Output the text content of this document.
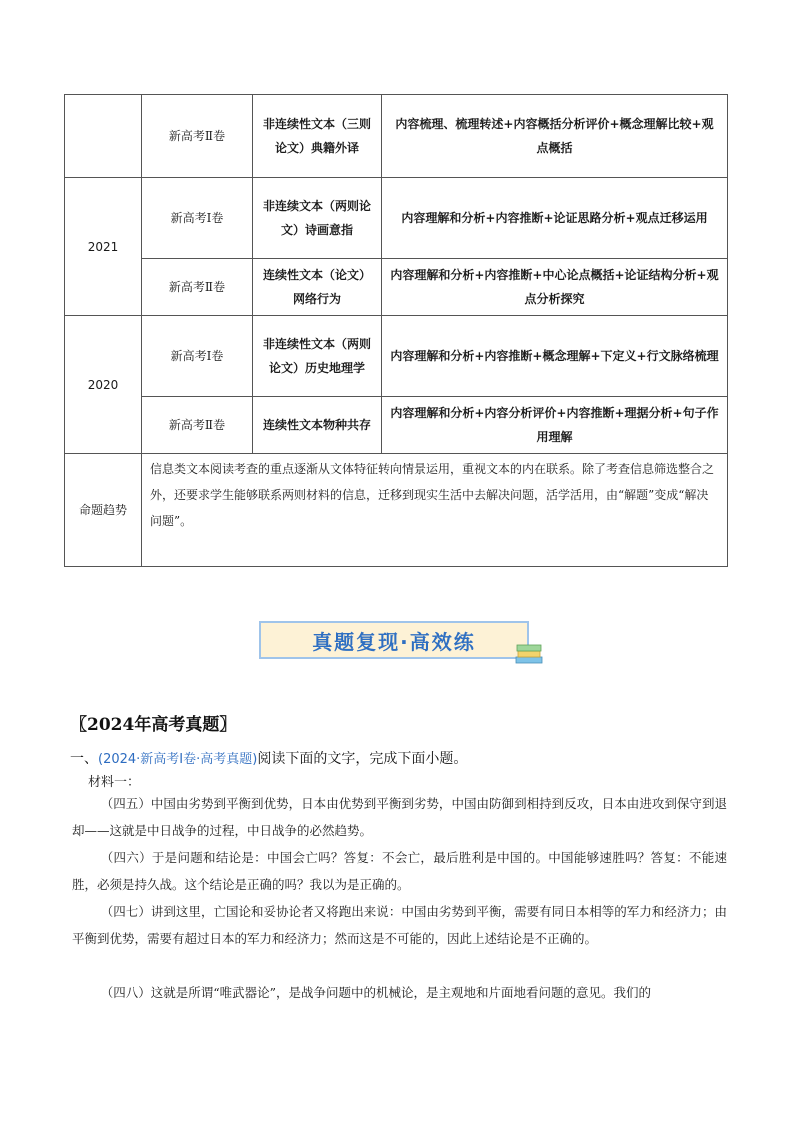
	新高考Ⅱ卷	非连续性文本（三则论文）典籍外译	内容梳理、梳理转述+内容概括分析评价+概念理解比较+观点概括
2021	新高考Ⅰ卷	非连续文本（两则论文）诗画意指	内容理解和分析+内容推断+论证思路分析+观点迁移运用
	新高考Ⅱ卷	连续性文本（论文）网络行为	内容理解和分析+内容推断+中心论点概括+论证结构分析+观点分析探究
2020	新高考Ⅰ卷	非连续性文本（两则论文）历史地理学	内容理解和分析+内容推断+概念理解+下定义+行文脉络梳理
	新高考Ⅱ卷	连续性文本物种共存	内容理解和分析+内容分析评价+内容推断+理据分析+句子作用理解
命题趋势	信息类文本阅读考查的重点逐渐从文体特征转向情景运用，重视文本的内在联系。除了考查信息筛选整合之外，还要求学生能够联系两则材料的信息，迁移到现实生活中去解决问题，活学活用，由“解题”变成“解决问题”。		
真题复现·高效练
〖2024年高考真题〗
一、(2024·新高考Ⅰ卷·高考真题)阅读下面的文字，完成下面小题。
材料一：

（四五）中国由劣势到平衡到优势，日本由优势到平衡到劣势，中国由防御到相持到反攻，日本由进攻到保守到退却——这就是中日战争的过程，中日战争的必然趋势。

（四六）于是问题和结论是：中国会亡吗？答复：不会亡，最后胜利是中国的。中国能够速胜吗？答复：不能速胜，必须是持久战。这个结论是正确的吗？我以为是正确的。

（四七）讲到这里，亡国论和妥协论者又将跑出来说：中国由劣势到平衡，需要有同日本相等的军力和经济力；由平衡到优势，需要有超过日本的军力和经济力；然而这是不可能的，因此上述结论是不正确的。

（四八）这就是所谓“唯武器论”，是战争问题中的机械论，是主观地和片面地看问题的意见。我们的
